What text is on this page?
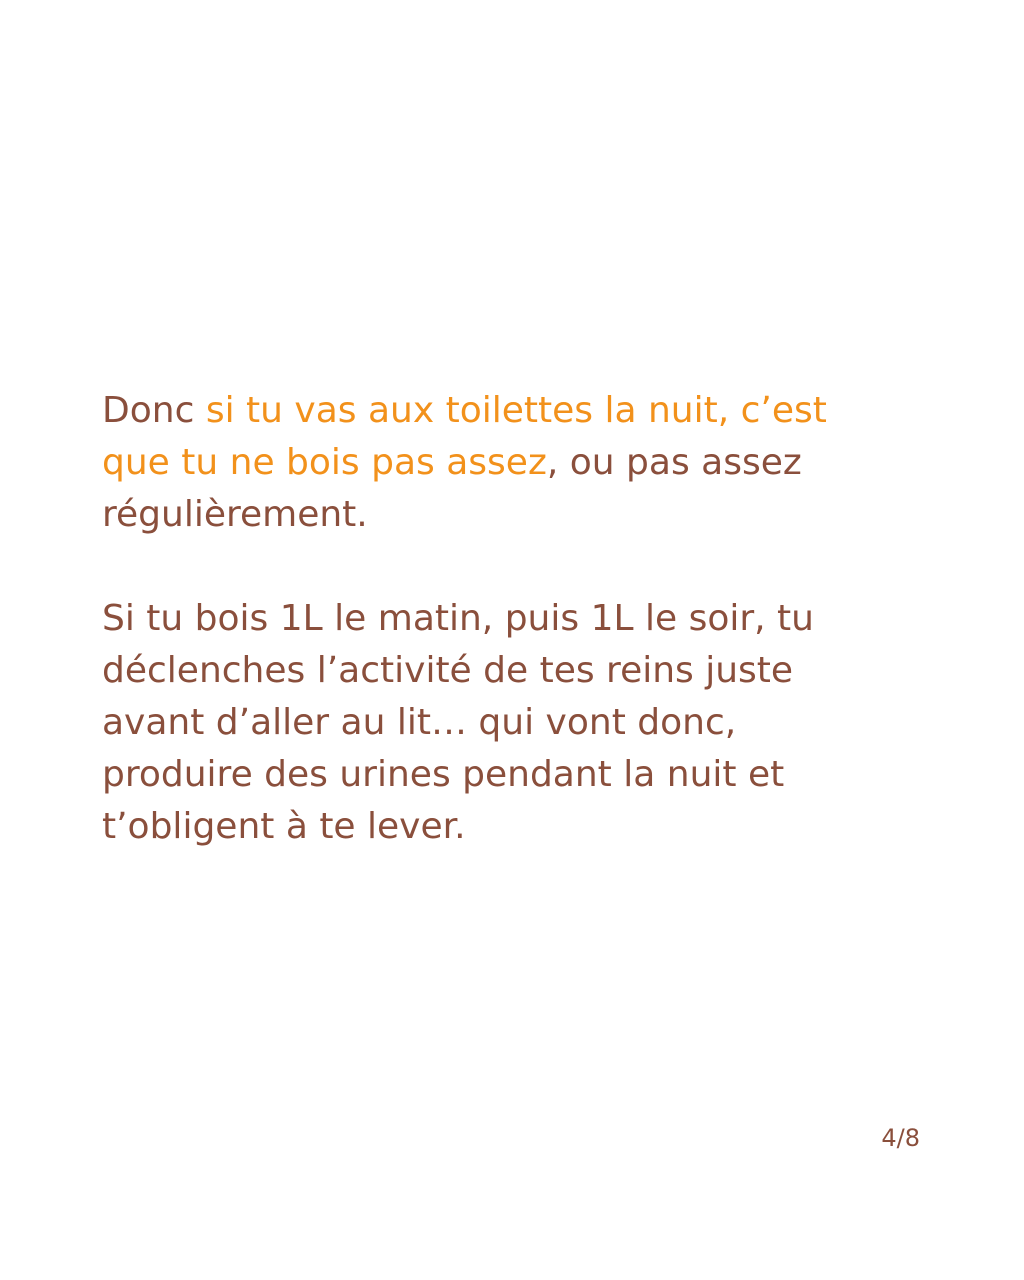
Donc si tu vas aux toilettes la nuit, c’est
que tu ne bois pas assez, ou pas assez
régulièrement.

Si tu bois 1L le matin, puis 1L le soir, tu
déclenches l’activité de tes reins juste
avant d’aller au lit… qui vont donc,
produire des urines pendant la nuit et
t’obligent à te lever.

4/8
